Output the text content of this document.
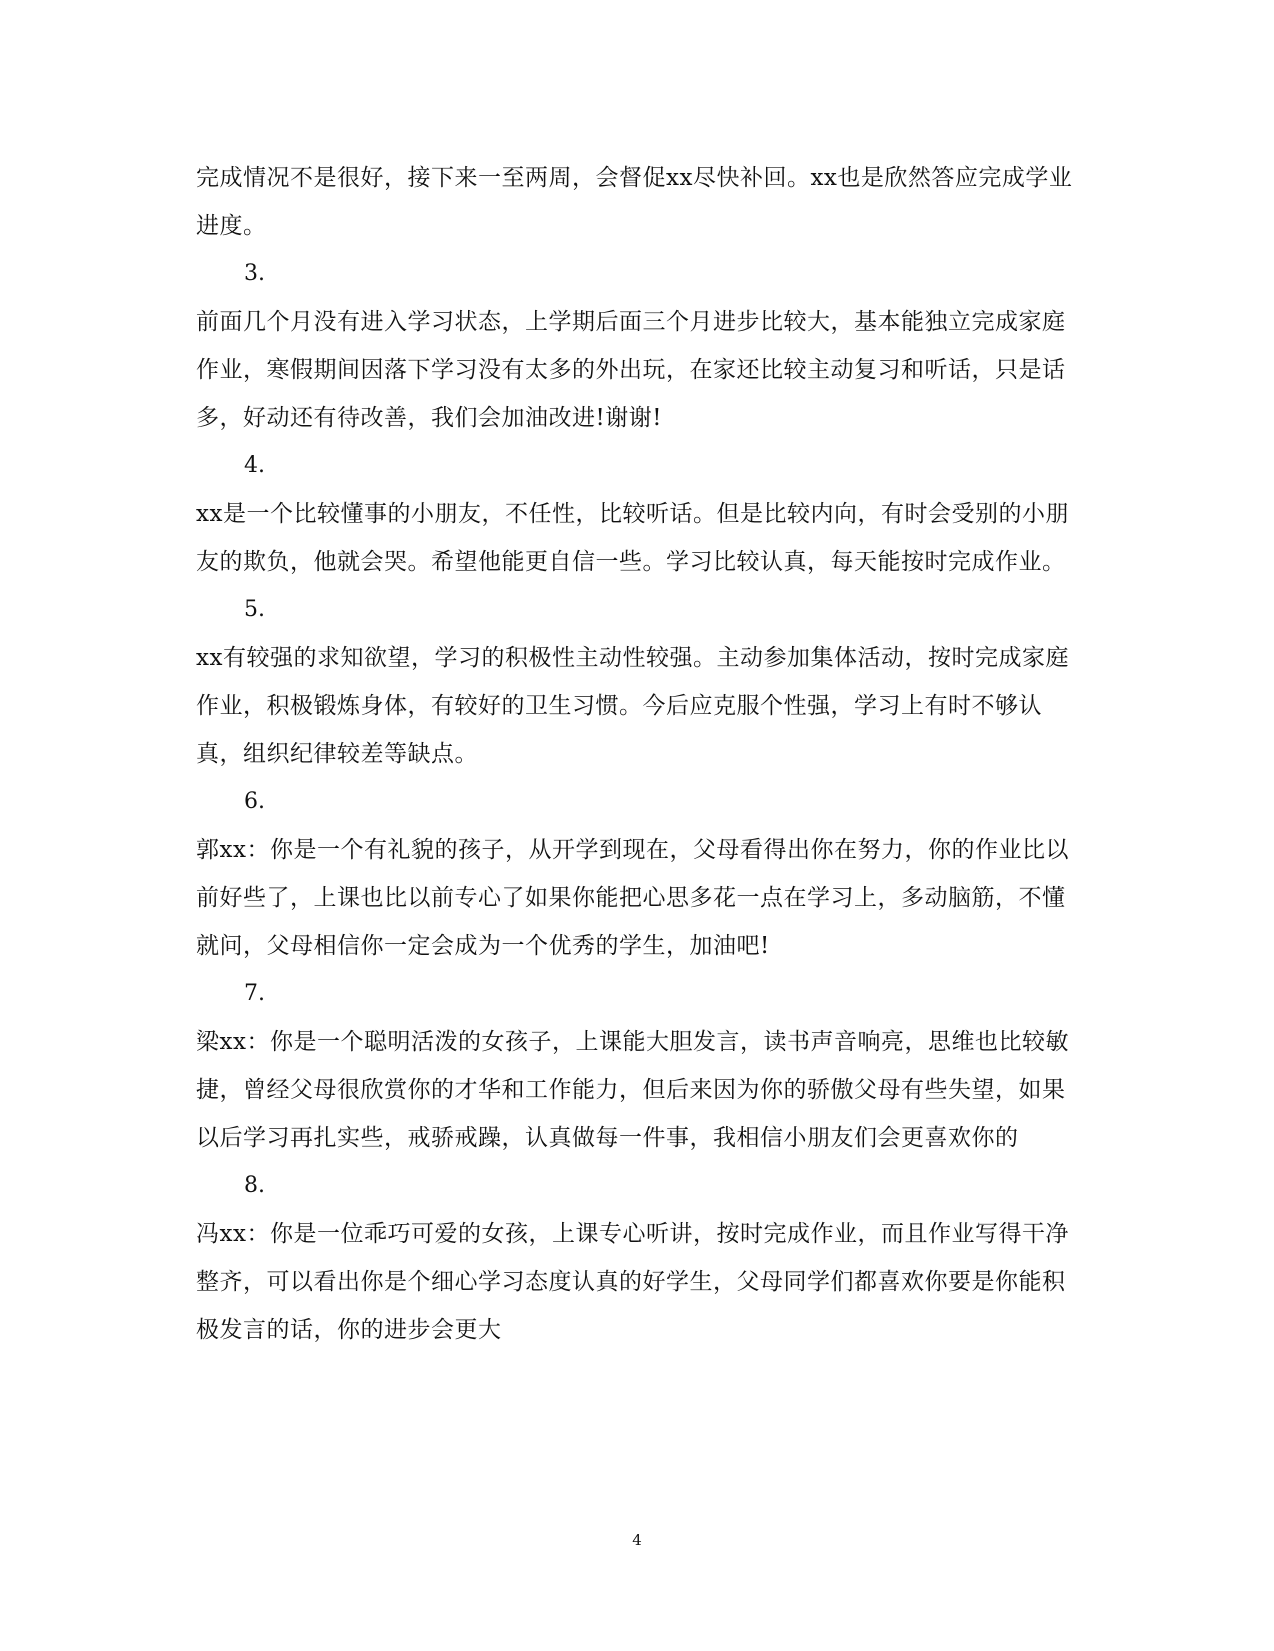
完成情况不是很好，接下来一至两周，会督促xx尽快补回。xx也是欣然答应完成学业进度。

3.

前面几个月没有进入学习状态，上学期后面三个月进步比较大，基本能独立完成家庭作业，寒假期间因落下学习没有太多的外出玩，在家还比较主动复习和听话，只是话多，好动还有待改善，我们会加油改进!谢谢!

4.

xx是一个比较懂事的小朋友，不任性，比较听话。但是比较内向，有时会受别的小朋友的欺负，他就会哭。希望他能更自信一些。学习比较认真，每天能按时完成作业。

5.

xx有较强的求知欲望，学习的积极性主动性较强。主动参加集体活动，按时完成家庭作业，积极锻炼身体，有较好的卫生习惯。今后应克服个性强，学习上有时不够认真，组织纪律较差等缺点。

6.

郭xx：你是一个有礼貌的孩子，从开学到现在，父母看得出你在努力，你的作业比以前好些了，上课也比以前专心了如果你能把心思多花一点在学习上，多动脑筋，不懂就问，父母相信你一定会成为一个优秀的学生，加油吧!

7.

梁xx：你是一个聪明活泼的女孩子，上课能大胆发言，读书声音响亮，思维也比较敏捷，曾经父母很欣赏你的才华和工作能力，但后来因为你的骄傲父母有些失望，如果以后学习再扎实些，戒骄戒躁，认真做每一件事，我相信小朋友们会更喜欢你的

8.

冯xx：你是一位乖巧可爱的女孩，上课专心听讲，按时完成作业，而且作业写得干净整齐，可以看出你是个细心学习态度认真的好学生，父母同学们都喜欢你要是你能积极发言的话，你的进步会更大

4
